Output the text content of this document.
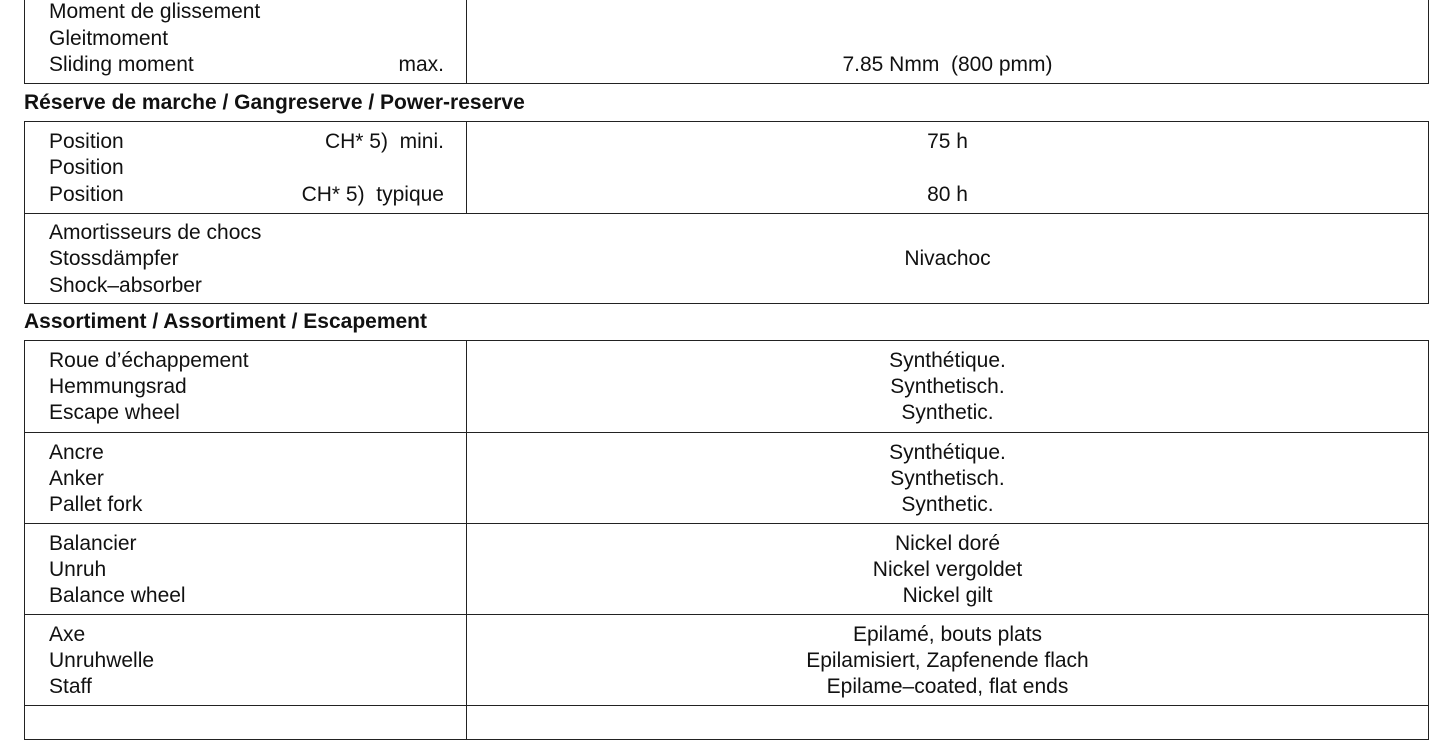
Moment de glissement
Gleitmoment
Sliding moment	max.	7.85 Nmm  (800 pmm)
Réserve de marche / Gangreserve / Power-reserve
Position
Position
Position
CH* 5)  mini.
CH* 5)  typique
75 h
80 h
Amortisseurs de chocs
Stossdämpfer
Shock–absorber
Nivachoc
Assortiment / Assortiment / Escapement
Roue d’échappement
Hemmungsrad
Escape wheel
Synthétique.
Synthetisch.
Synthetic.
Ancre
Anker
Pallet fork
Synthétique.
Synthetisch.
Synthetic.
Balancier
Unruh
Balance wheel
Nickel doré
Nickel vergoldet
Nickel gilt
Axe
Unruhwelle
Staff
Epilamé, bouts plats
Epilamisiert, Zapfenende flach
Epilame–coated, flat ends
